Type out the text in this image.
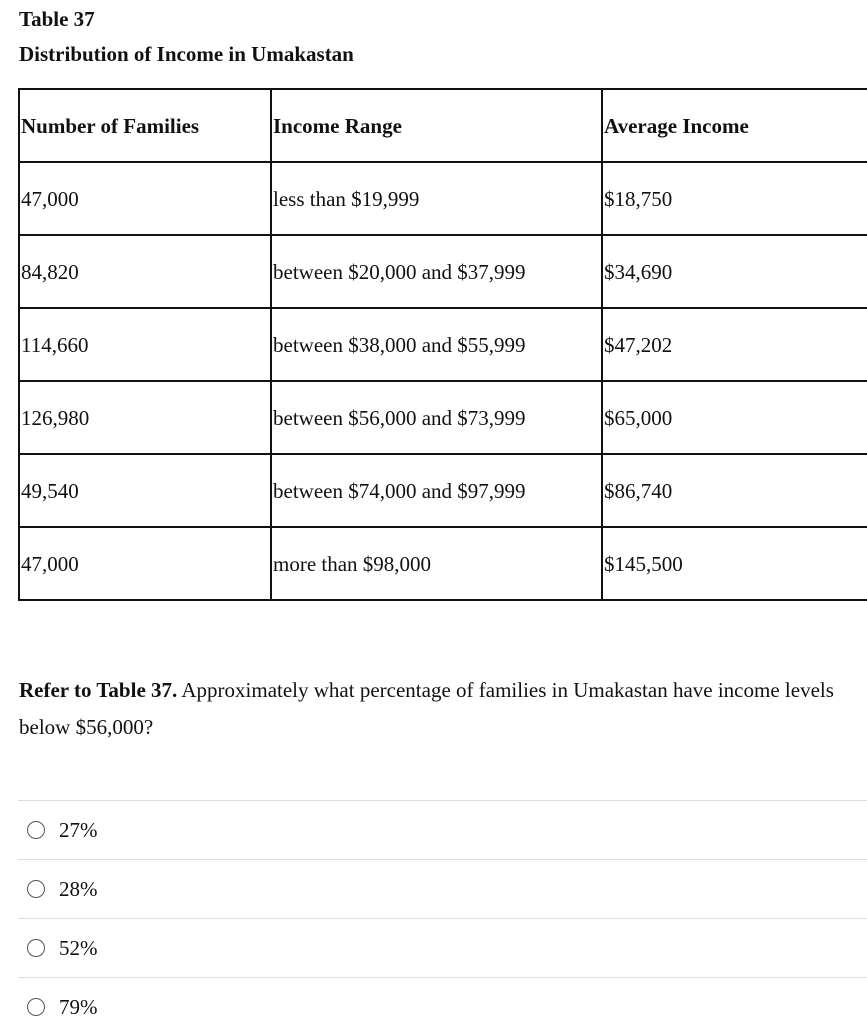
Table 37
Distribution of Income in Umakastan
Number of Families	Income Range	Average Income
47,000	less than $19,999	$18,750
84,820	between $20,000 and $37,999	$34,690
114,660	between $38,000 and $55,999	$47,202
126,980	between $56,000 and $73,999	$65,000
49,540	between $74,000 and $97,999	$86,740
47,000	more than $98,000	$145,500
Refer to Table 37. Approximately what percentage of families in Umakastan have income levels below $56,000?
27%
28%
52%
79%
